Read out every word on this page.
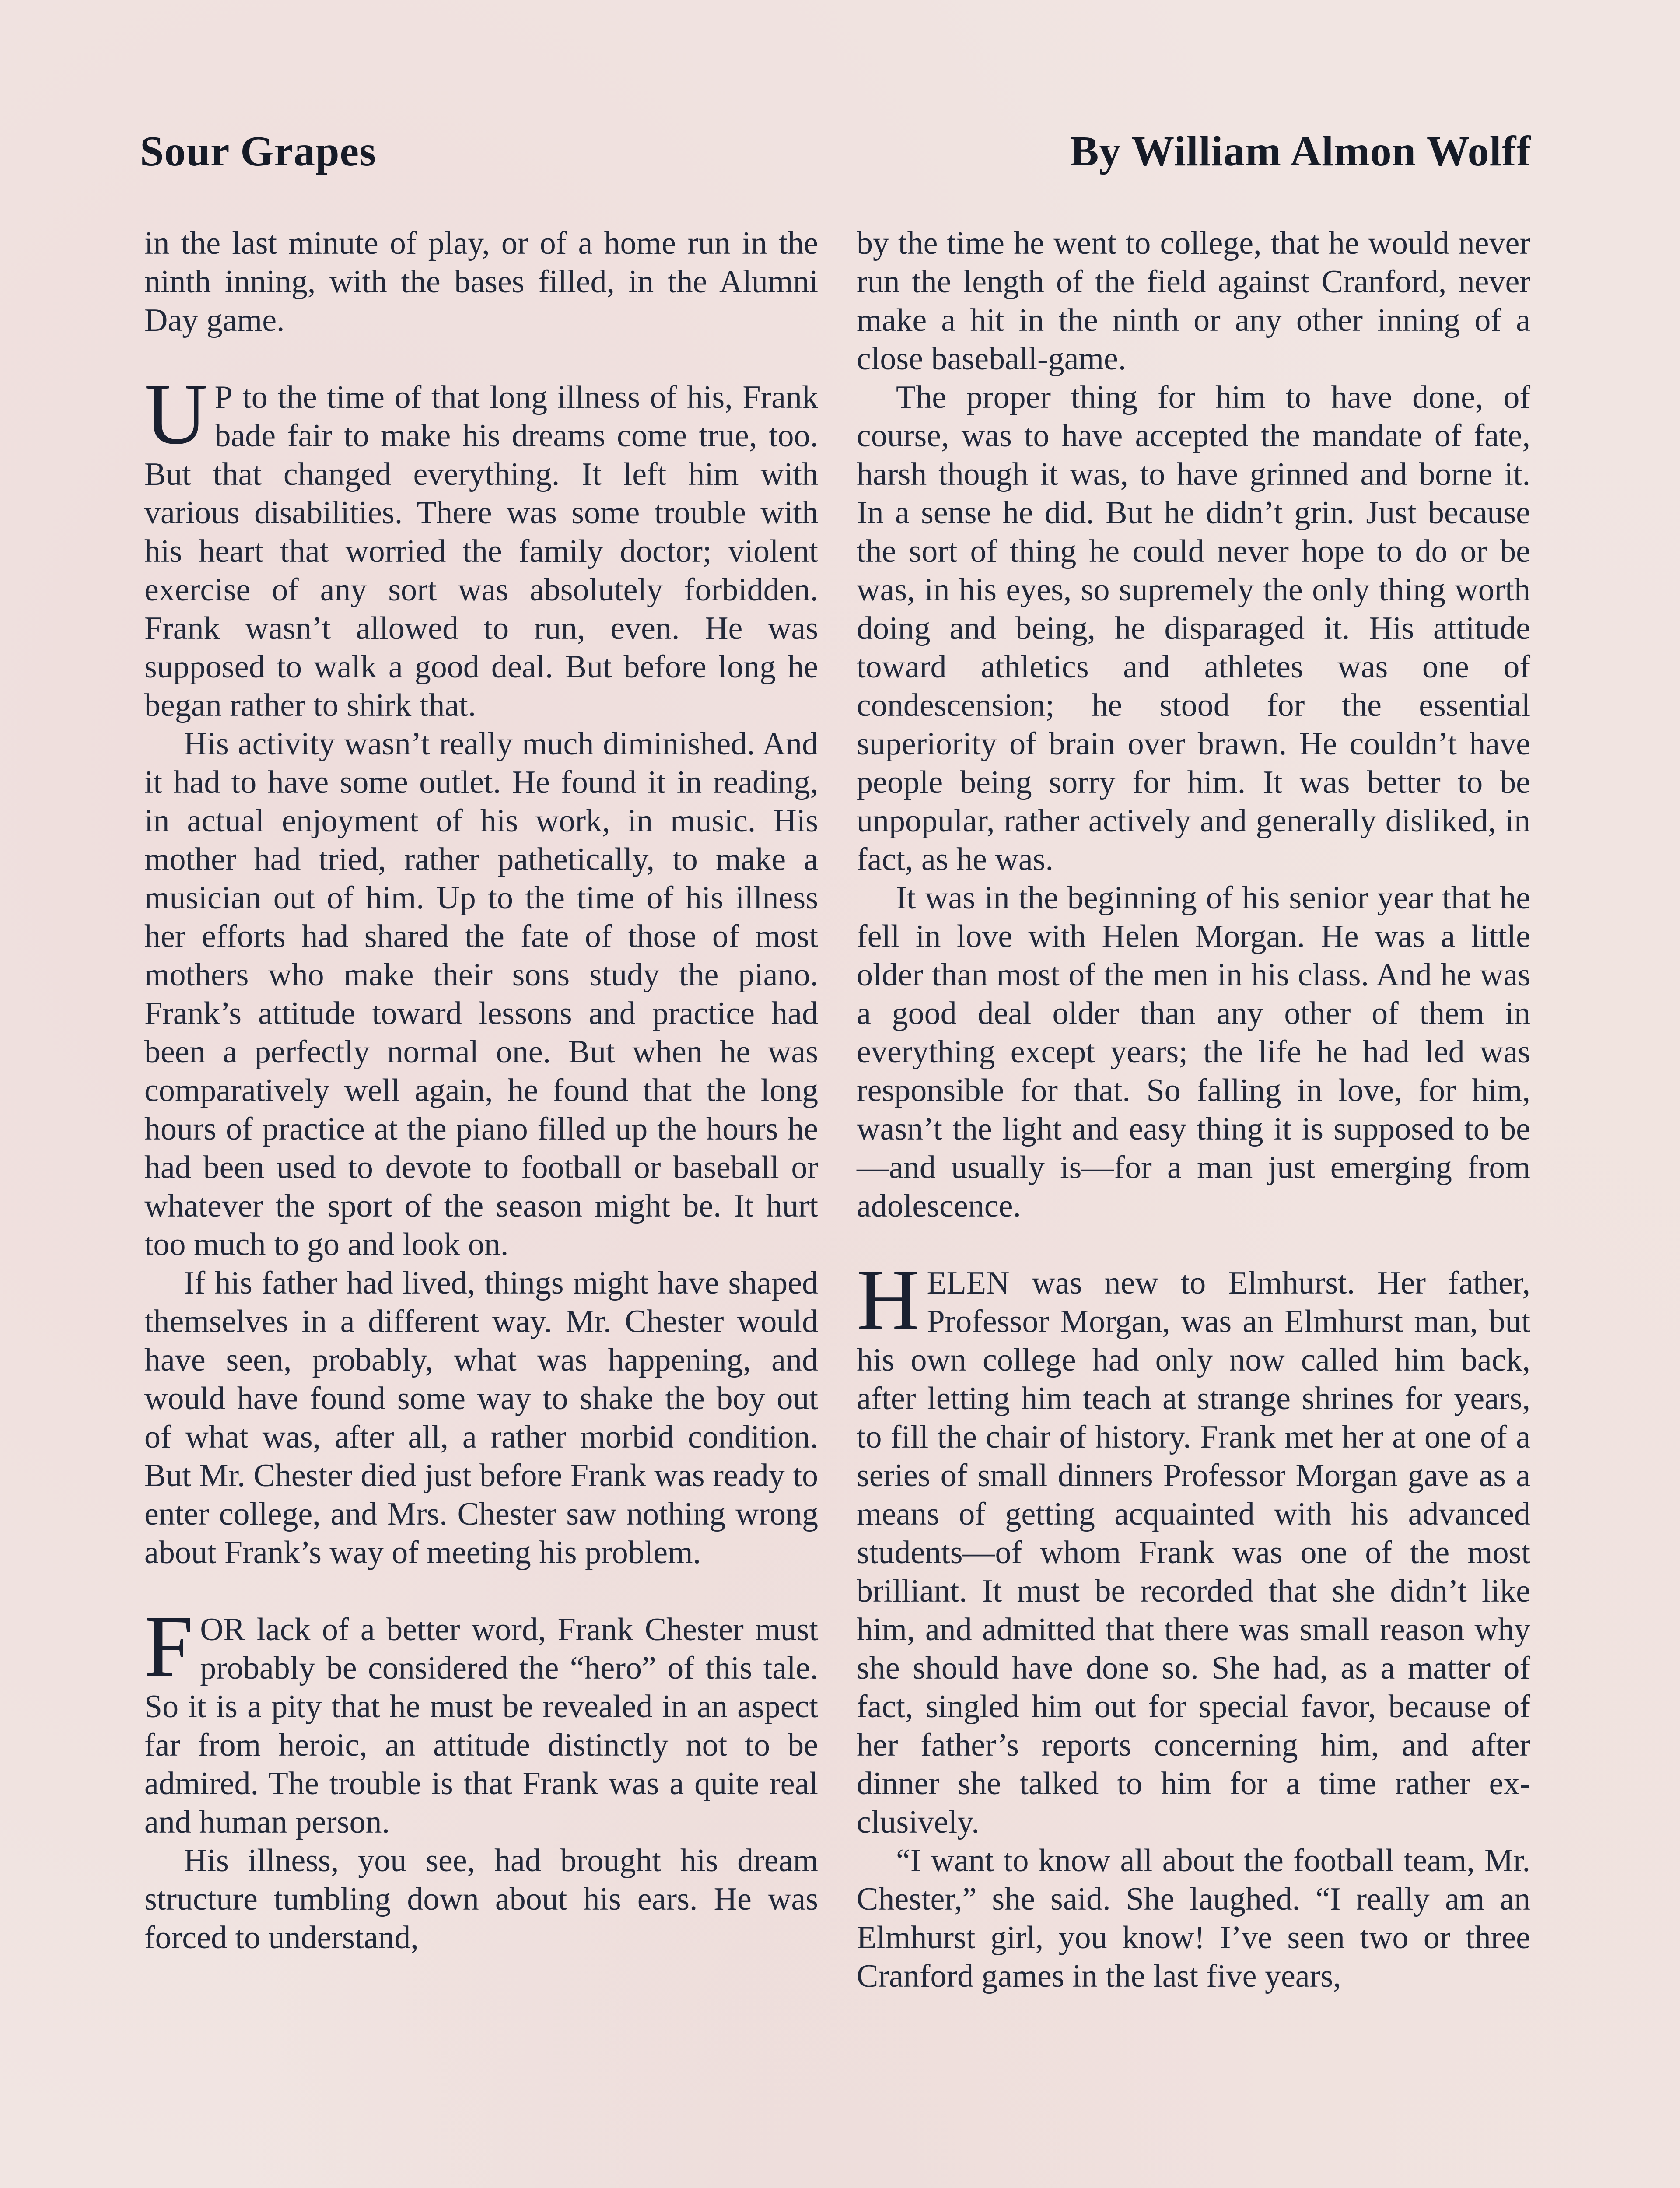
Sour Grapes	By William Almon Wolff

in the last minute of play, or of a home run in the ninth inning, with the bases filled, in the Alumni Day game.

U P to the time of that long illness of his, Frank bade fair to make his dreams come true, too. But that changed everything. It left him with various disabilities. There was some trouble with his heart that worried the family doctor; violent exercise of any sort was absolutely forbidden. Frank wasn’t allowed to run, even. He was supposed to walk a good deal. But before long he began rather to shirk that.

His activity wasn’t really much diminished. And it had to have some outlet. He found it in reading, in actual enjoyment of his work, in music. His mother had tried, rather pathetically, to make a musician out of him. Up to the time of his illness her efforts had shared the fate of those of most mothers who make their sons study the piano. Frank’s attitude toward lessons and practice had been a perfectly normal one. But when he was comparatively well again, he found that the long hours of practice at the piano filled up the hours he had been used to devote to football or baseball or whatever the sport of the season might be. It hurt too much to go and look on.

If his father had lived, things might have shaped themselves in a different way. Mr. Chester would have seen, probably, what was happening, and would have found some way to shake the boy out of what was, after all, a rather morbid condition. But Mr. Chester died just before Frank was ready to enter college, and Mrs. Chester saw nothing wrong about Frank’s way of meeting his problem.

FOR lack of a better word, Frank Chester must probably be considered the “hero” of this tale. So it is a pity that he must be revealed in an aspect far from heroic, an attitude distinctly not to be admired. The trouble is that Frank was a quite real and human person.

His illness, you see, had brought his dream structure tumbling down about his ears. He was forced to understand,

by the time he went to college, that he would never run the length of the field against Cranford, never make a hit in the ninth or any other inning of a close baseball-game.

The proper thing for him to have done, of course, was to have accepted the mandate of fate, harsh though it was, to have grinned and borne it. In a sense he did. But he didn’t grin. Just because the sort of thing he could never hope to do or be was, in his eyes, so supremely the only thing worth doing and being, he disparaged it. His attitude toward athletics and athletes was one of condescension; he stood for the essential superiority of brain over brawn. He couldn’t have people being sorry for him. It was better to be unpopular, rather actively and generally disliked, in fact, as he was.

It was in the beginning of his senior year that he fell in love with Helen Morgan. He was a little older than most of the men in his class. And he was a good deal older than any other of them in everything except years; the life he had led was responsible for that. So falling in love, for him, wasn’t the light and easy thing it is supposed to be—and usually is—for a man just emerging from adolescence.

HELEN was new to Elmhurst. Her father, Professor Morgan, was an Elmhurst man, but his own college had only now called him back, after letting him teach at strange shrines for years, to fill the chair of history. Frank met her at one of a series of small dinners Professor Morgan gave as a means of getting acquainted with his advanced students—of whom Frank was one of the most brilliant. It must be recorded that she didn’t like him, and admitted that there was small reason why she should have done so. She had, as a matter of fact, singled him out for special favor, because of her father’s reports concerning him, and after dinner she talked to him for a time rather exclusively.

“I want to know all about the football team, Mr. Chester,” she said. She laughed. “I really am an Elmhurst girl, you know! I’ve seen two or three Cranford games in the last five years,
